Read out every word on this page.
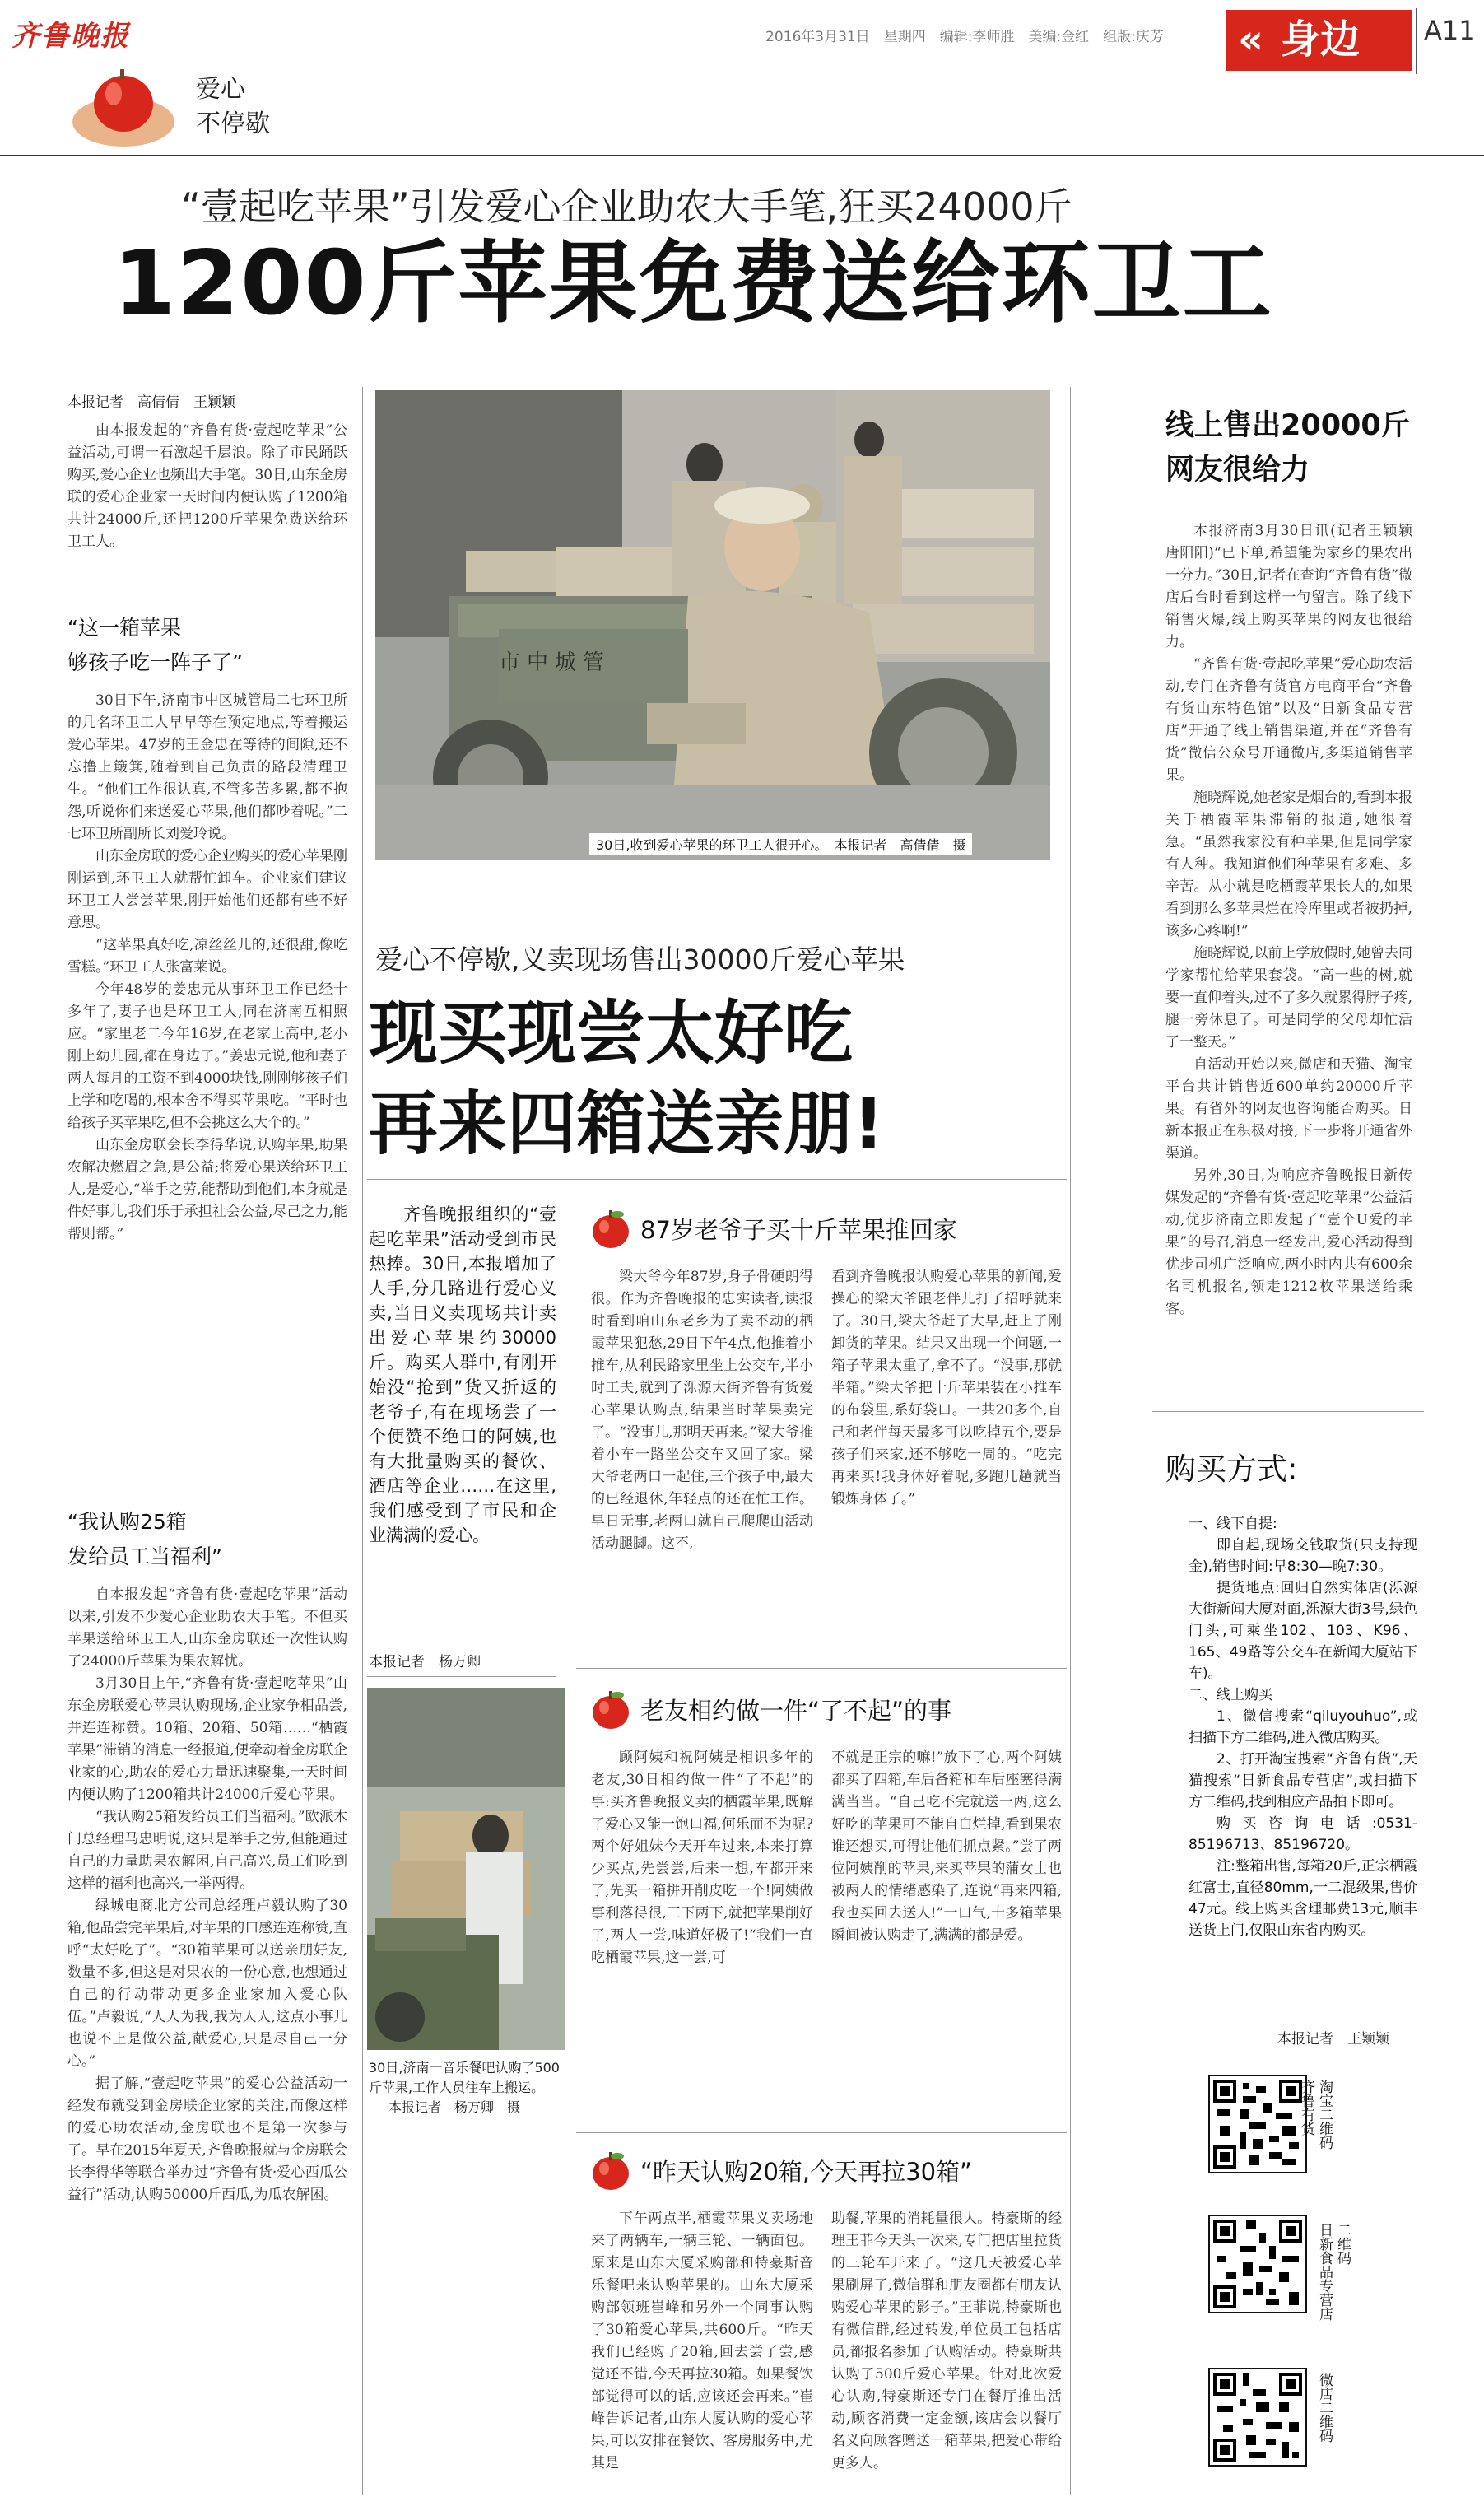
齐鲁晚报	2016年3月31日　星期四　编辑:李师胜　美编:金红　组版:庆芳 « 身边 A11
爱心
不停歇
“壹起吃苹果”引发爱心企业助农大手笔,狂买24000斤
1200斤苹果免费送给环卫工
本报记者　高倩倩　王颖颖

由本报发起的“齐鲁有货·壹起吃苹果”公益活动,可谓一石激起千层浪。除了市民踊跃购买,爱心企业也频出大手笔。30日,山东金房联的爱心企业家一天时间内便认购了1200箱共计24000斤,还把1200斤苹果免费送给环卫工人。

“这一箱苹果
够孩子吃一阵子了”

30日下午,济南市中区城管局二七环卫所的几名环卫工人早早等在预定地点,等着搬运爱心苹果。47岁的王金忠在等待的间隙,还不忘撸上簸箕,随着到自己负责的路段清理卫生。“他们工作很认真,不管多苦多累,都不抱怨,听说你们来送爱心苹果,他们都吵着呢。”二七环卫所副所长刘爱玲说。

山东金房联的爱心企业购买的爱心苹果刚刚运到,环卫工人就帮忙卸车。企业家们建议环卫工人尝尝苹果,刚开始他们还都有些不好意思。

“这苹果真好吃,凉丝丝儿的,还很甜,像吃雪糕。”环卫工人张富莱说。

今年48岁的姜忠元从事环卫工作已经十多年了,妻子也是环卫工人,同在济南互相照应。“家里老二今年16岁,在老家上高中,老小刚上幼儿园,都在身边了。”姜忠元说,他和妻子两人每月的工资不到4000块钱,刚刚够孩子们上学和吃喝的,根本舍不得买苹果吃。“平时也给孩子买苹果吃,但不会挑这么大个的。”

山东金房联会长李得华说,认购苹果,助果农解决燃眉之急,是公益;将爱心果送给环卫工人,是爱心,“举手之劳,能帮助到他们,本身就是件好事儿,我们乐于承担社会公益,尽己之力,能帮则帮。”

“我认购25箱
发给员工当福利”

自本报发起“齐鲁有货·壹起吃苹果”活动以来,引发不少爱心企业助农大手笔。不但买苹果送给环卫工人,山东金房联还一次性认购了24000斤苹果为果农解忧。

3月30日上午,“齐鲁有货·壹起吃苹果”山东金房联爱心苹果认购现场,企业家争相品尝,并连连称赞。10箱、20箱、50箱……“栖霞苹果”滞销的消息一经报道,便牵动着金房联企业家的心,助农的爱心力量迅速聚集,一天时间内便认购了1200箱共计24000斤爱心苹果。

“我认购25箱发给员工们当福利。”欧派木门总经理马忠明说,这只是举手之劳,但能通过自己的力量助果农解困,自己高兴,员工们吃到这样的福利也高兴,一举两得。

绿城电商北方公司总经理卢毅认购了30箱,他品尝完苹果后,对苹果的口感连连称赞,直呼“太好吃了”。“30箱苹果可以送亲朋好友,数量不多,但这是对果农的一份心意,也想通过自己的行动带动更多企业家加入爱心队伍。”卢毅说,“人人为我,我为人人,这点小事儿也说不上是做公益,献爱心,只是尽自己一分心。”

据了解,“壹起吃苹果”的爱心公益活动一经发布就受到金房联企业家的关注,而像这样的爱心助农活动,金房联也不是第一次参与了。早在2015年夏天,齐鲁晚报就与金房联会长李得华等联合举办过“齐鲁有货·爱心西瓜公益行”活动,认购50000斤西瓜,为瓜农解困。

市中城管
30日,收到爱心苹果的环卫工人很开心。　本报记者　高倩倩　摄
爱心不停歇,义卖现场售出30000斤爱心苹果
现买现尝太好吃
再来四箱送亲朋!
齐鲁晚报组织的“壹起吃苹果”活动受到市民热捧。30日,本报增加了人手,分几路进行爱心义卖,当日义卖现场共计卖出爱心苹果约30000斤。购买人群中,有刚开始没“抢到”货又折返的老爷子,有在现场尝了一个便赞不绝口的阿姨,也有大批量购买的餐饮、酒店等企业……在这里,我们感受到了市民和企业满满的爱心。
本报记者　杨万卿
30日,济南一音乐餐吧认购了500斤苹果,工作人员往车上搬运。
本报记者　杨万卿　摄
87岁老爷子买十斤苹果推回家

梁大爷今年87岁,身子骨硬朗得很。作为齐鲁晚报的忠实读者,读报时看到咱山东老乡为了卖不动的栖霞苹果犯愁,29日下午4点,他推着小推车,从利民路家里坐上公交车,半小时工夫,就到了泺源大街齐鲁有货爱心苹果认购点,结果当时苹果卖完了。“没事儿,那明天再来。”梁大爷推着小车一路坐公交车又回了家。梁大爷老两口一起住,三个孩子中,最大的已经退休,年轻点的还在忙工作。早日无事,老两口就自己爬爬山活动活动腿脚。这不,

看到齐鲁晚报认购爱心苹果的新闻,爱操心的梁大爷跟老伴儿打了招呼就来了。30日,梁大爷赶了大早,赶上了刚卸货的苹果。结果又出现一个问题,一箱子苹果太重了,拿不了。“没事,那就半箱。”梁大爷把十斤苹果装在小推车的布袋里,系好袋口。一共20多个,自己和老伴每天最多可以吃掉五个,要是孩子们来家,还不够吃一周的。“吃完再来买!我身体好着呢,多跑几趟就当锻炼身体了。”

老友相约做一件“了不起”的事

顾阿姨和祝阿姨是相识多年的老友,30日相约做一件“了不起”的事:买齐鲁晚报义卖的栖霞苹果,既解了爱心又能一饱口福,何乐而不为呢?两个好姐妹今天开车过来,本来打算少买点,先尝尝,后来一想,车都开来了,先买一箱拼开削皮吃一个!阿姨做事利落得很,三下两下,就把苹果削好了,两人一尝,味道好极了!“我们一直吃栖霞苹果,这一尝,可

不就是正宗的嘛!”放下了心,两个阿姨都买了四箱,车后备箱和车后座塞得满满当当。“自己吃不完就送一两,这么好吃的苹果可不能自白烂掉,看到果农谁还想买,可得让他们抓点紧。”尝了两位阿姨削的苹果,来买苹果的蒲女士也被两人的情绪感染了,连说“再来四箱,我也买回去送人!”一口气,十多箱苹果瞬间被认购走了,满满的都是爱。

“昨天认购20箱,今天再拉30箱”

下午两点半,栖霞苹果义卖场地来了两辆车,一辆三轮、一辆面包。原来是山东大厦采购部和特豪斯音乐餐吧来认购苹果的。山东大厦采购部领班崔峰和另外一个同事认购了30箱爱心苹果,共600斤。“昨天我们已经购了20箱,回去尝了尝,感觉还不错,今天再拉30箱。如果餐饮部觉得可以的话,应该还会再来。”崔峰告诉记者,山东大厦认购的爱心苹果,可以安排在餐饮、客房服务中,尤其是

助餐,苹果的消耗量很大。特豪斯的经理王菲今天头一次来,专门把店里拉货的三轮车开来了。“这几天被爱心苹果刷屏了,微信群和朋友圈都有朋友认购爱心苹果的影子。”王菲说,特豪斯也有微信群,经过转发,单位员工包括店员,都报名参加了认购活动。特豪斯共认购了500斤爱心苹果。针对此次爱心认购,特豪斯还专门在餐厅推出活动,顾客消费一定金额,该店会以餐厅名义向顾客赠送一箱苹果,把爱心带给更多人。

线上售出20000斤
网友很给力

本报济南3月30日讯(记者王颖颖　唐阳阳)“已下单,希望能为家乡的果农出一分力。”30日,记者在查询“齐鲁有货”微店后台时看到这样一句留言。除了线下销售火爆,线上购买苹果的网友也很给力。

“齐鲁有货·壹起吃苹果”爱心助农活动,专门在齐鲁有货官方电商平台“齐鲁有货山东特色馆”以及“日新食品专营店”开通了线上销售渠道,并在“齐鲁有货”微信公众号开通微店,多渠道销售苹果。

施晓辉说,她老家是烟台的,看到本报关于栖霞苹果滞销的报道,她很着急。“虽然我家没有种苹果,但是同学家有人种。我知道他们种苹果有多难、多辛苦。从小就是吃栖霞苹果长大的,如果看到那么多苹果烂在冷库里或者被扔掉,该多心疼啊!”

施晓辉说,以前上学放假时,她曾去同学家帮忙给苹果套袋。“高一些的树,就要一直仰着头,过不了多久就累得脖子疼,腿一旁休息了。可是同学的父母却忙活了一整天。”

自活动开始以来,微店和天猫、淘宝平台共计销售近600单约20000斤苹果。有省外的网友也咨询能否购买。日新本报正在积极对接,下一步将开通省外渠道。

另外,30日,为响应齐鲁晚报日新传媒发起的“齐鲁有货·壹起吃苹果”公益活动,优步济南立即发起了“壹个U爱的苹果”的号召,消息一经发出,爱心活动得到优步司机广泛响应,两小时内共有600余名司机报名,领走1212枚苹果送给乘客。

购买方式:
一、线下自提:
即自起,现场交钱取货(只支持现金),销售时间:早8:30—晚7:30。
提货地点:回归自然实体店(泺源大街新闻大厦对面,泺源大街3号,绿色门头,可乘坐102、103、K96、165、49路等公交车在新闻大厦站下车)。
二、线上购买
1、微信搜索“qiluyouhuo”,或扫描下方二维码,进入微店购买。
2、打开淘宝搜索“齐鲁有货”,天猫搜索“日新食品专营店”,或扫描下方二维码,找到相应产品拍下即可。
购买咨询电话:0531-85196713、85196720。
注:整箱出售,每箱20斤,正宗栖霞红富士,直径80mm,一二混级果,售价47元。线上购买含理邮费13元,顺丰送货上门,仅限山东省内购买。
本报记者　王颖颖
淘宝二维码
齐鲁有货
日新食品专营店 二维码
微店二维码
